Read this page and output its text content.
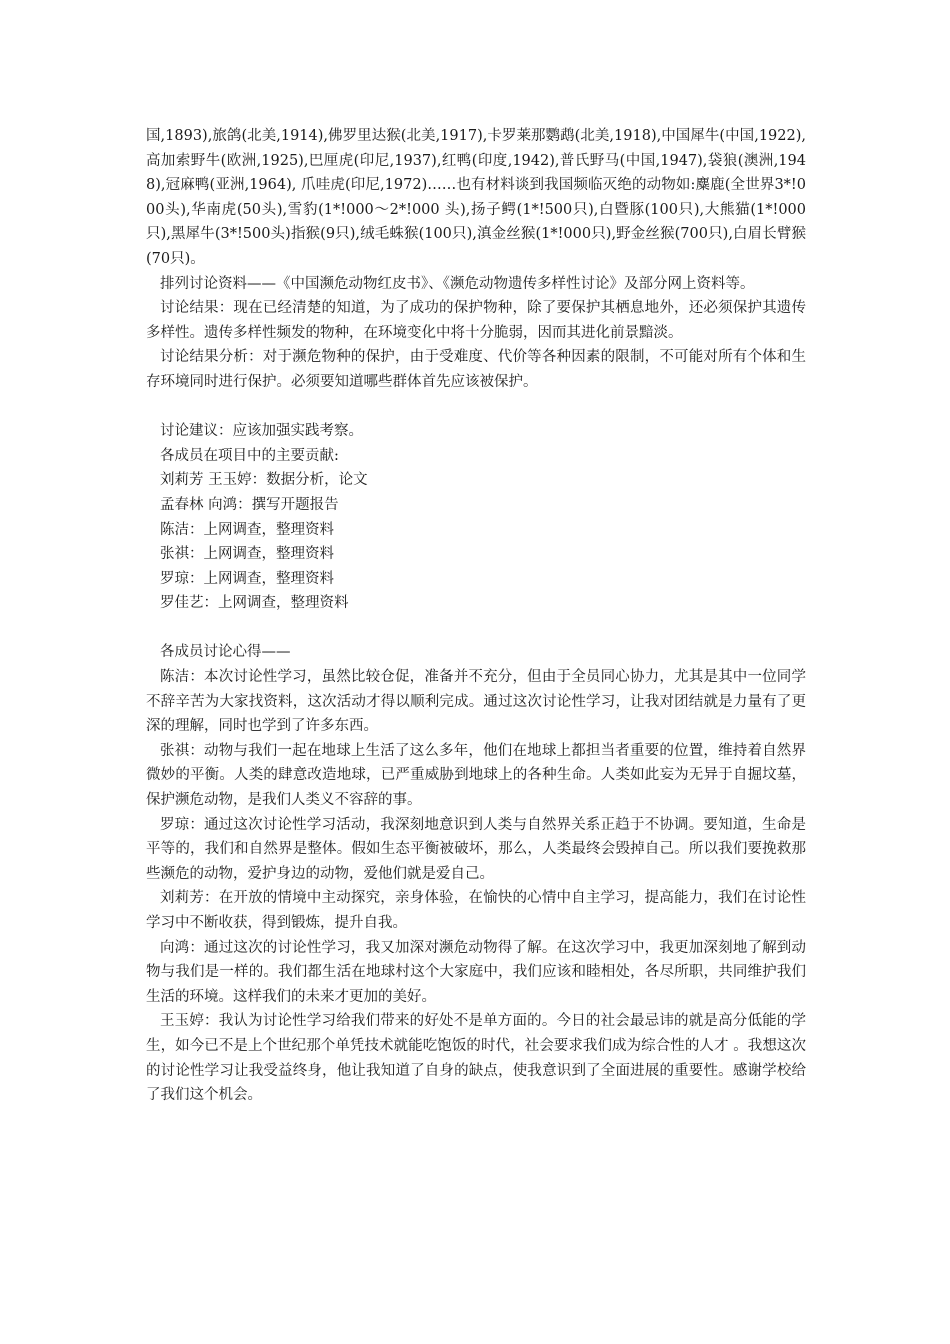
国,1893),旅鸽(北美,1914),佛罗里达猴(北美,1917),卡罗莱那鹦鹉(北美,1918),中国犀牛(中国,1922),高加索野牛(欧洲,1925),巴厘虎(印尼,1937),红鸭(印度,1942),普氏野马(中国,1947),袋狼(澳洲,1948),冠麻鸭(亚洲,1964), 爪哇虎(印尼,1972)……也有材料谈到我国频临灭绝的动物如:麋鹿(全世界3*!000头),华南虎(50头),雪豹(1*!000～2*!000 头),扬子鳄(1*!500只),白暨豚(100只),大熊猫(1*!000只),黑犀牛(3*!500头)指猴(9只),绒毛蛛猴(100只),滇金丝猴(1*!000只),野金丝猴(700只),白眉长臂猴(70只)。

排列讨论资料——《中国濒危动物红皮书》、《濒危动物遗传多样性讨论》及部分网上资料等。

讨论结果：现在已经清楚的知道，为了成功的保护物种，除了要保护其栖息地外，还必须保护其遗传多样性。遗传多样性频发的物种，在环境变化中将十分脆弱，因而其进化前景黯淡。

讨论结果分析：对于濒危物种的保护，由于受难度、代价等各种因素的限制，不可能对所有个体和生存环境同时进行保护。必须要知道哪些群体首先应该被保护。

讨论建议：应该加强实践考察。

各成员在项目中的主要贡献:

刘莉芳 王玉婷：数据分析，论文

孟春林 向鸿：撰写开题报告

陈洁：上网调查，整理资料

张祺：上网调查，整理资料

罗琼：上网调查，整理资料

罗佳艺：上网调查，整理资料

各成员讨论心得——

陈洁：本次讨论性学习，虽然比较仓促，准备并不充分，但由于全员同心协力，尤其是其中一位同学不辞辛苦为大家找资料，这次活动才得以顺利完成。通过这次讨论性学习，让我对团结就是力量有了更深的理解，同时也学到了许多东西。

张祺：动物与我们一起在地球上生活了这么多年，他们在地球上都担当者重要的位置，维持着自然界微妙的平衡。人类的肆意改造地球，已严重威胁到地球上的各种生命。人类如此妄为无异于自掘坟墓，保护濒危动物，是我们人类义不容辞的事。

罗琼：通过这次讨论性学习活动，我深刻地意识到人类与自然界关系正趋于不协调。要知道，生命是平等的，我们和自然界是整体。假如生态平衡被破坏，那么，人类最终会毁掉自己。所以我们要挽救那些濒危的动物，爱护身边的动物，爱他们就是爱自己。

刘莉芳：在开放的情境中主动探究，亲身体验，在愉快的心情中自主学习，提高能力，我们在讨论性学习中不断收获，得到锻炼，提升自我。

向鸿：通过这次的讨论性学习，我又加深对濒危动物得了解。在这次学习中，我更加深刻地了解到动物与我们是一样的。我们都生活在地球村这个大家庭中，我们应该和睦相处，各尽所职，共同维护我们生活的环境。这样我们的未来才更加的美好。

王玉婷：我认为讨论性学习给我们带来的好处不是单方面的。今日的社会最忌讳的就是高分低能的学生，如今已不是上个世纪那个单凭技术就能吃饱饭的时代，社会要求我们成为综合性的人才 。我想这次的讨论性学习让我受益终身，他让我知道了自身的缺点，使我意识到了全面进展的重要性。感谢学校给了我们这个机会。
